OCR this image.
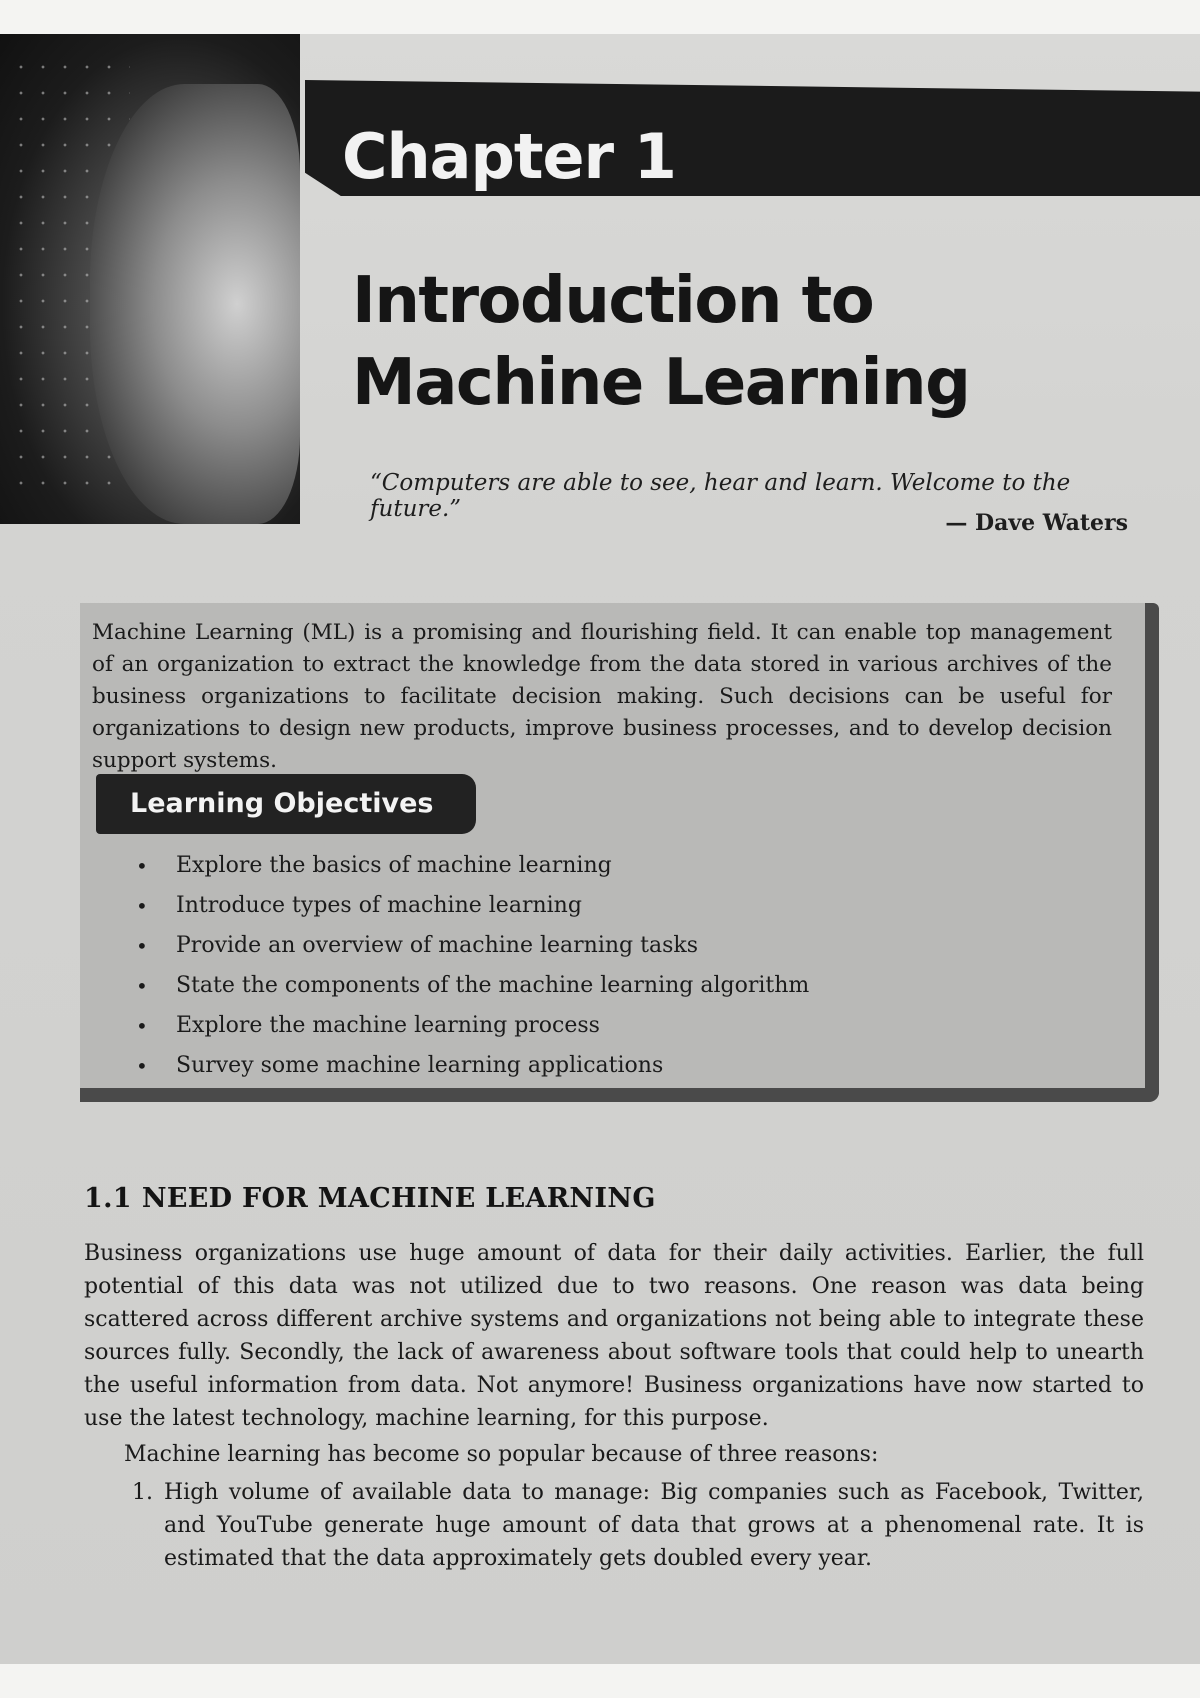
Chapter 1
Introduction to
Machine Learning
“Computers are able to see, hear and learn. Welcome to the future.”
— Dave Waters
Machine Learning (ML) is a promising and flourishing field. It can enable top management of an organization to extract the knowledge from the data stored in various archives of the business organizations to facilitate decision making. Such decisions can be useful for organizations to design new products, improve business processes, and to develop decision support systems.
Learning Objectives
• Explore the basics of machine learning
• Introduce types of machine learning
• Provide an overview of machine learning tasks
• State the components of the machine learning algorithm
• Explore the machine learning process
• Survey some machine learning applications
1.1 NEED FOR MACHINE LEARNING
Business organizations use huge amount of data for their daily activities. Earlier, the full potential of this data was not utilized due to two reasons. One reason was data being scattered across different archive systems and organizations not being able to integrate these sources fully. Secondly, the lack of awareness about software tools that could help to unearth the useful information from data. Not anymore! Business organizations have now started to use the latest technology, machine learning, for this purpose.
Machine learning has become so popular because of three reasons:
1. High volume of available data to manage: Big companies such as Facebook, Twitter, and YouTube generate huge amount of data that grows at a phenomenal rate. It is estimated that the data approximately gets doubled every year.
